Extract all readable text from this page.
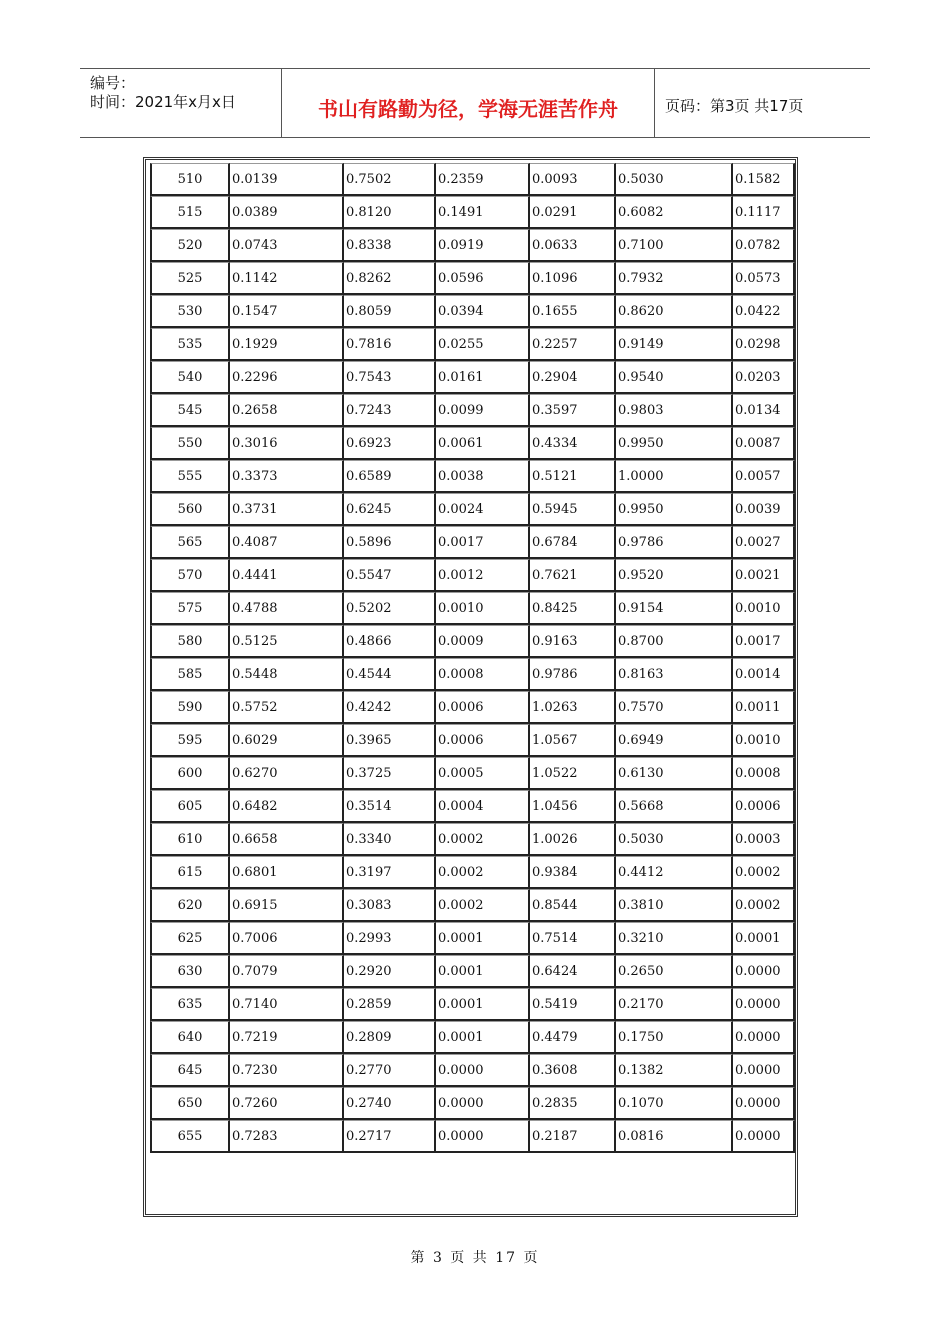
编号：
时间：2021年x月x日	书山有路勤为径，学海无涯苦作舟	页码：第3页 共17页
510	0.0139	0.7502	0.2359	0.0093	0.5030	0.1582
515	0.0389	0.8120	0.1491	0.0291	0.6082	0.1117
520	0.0743	0.8338	0.0919	0.0633	0.7100	0.0782
525	0.1142	0.8262	0.0596	0.1096	0.7932	0.0573
530	0.1547	0.8059	0.0394	0.1655	0.8620	0.0422
535	0.1929	0.7816	0.0255	0.2257	0.9149	0.0298
540	0.2296	0.7543	0.0161	0.2904	0.9540	0.0203
545	0.2658	0.7243	0.0099	0.3597	0.9803	0.0134
550	0.3016	0.6923	0.0061	0.4334	0.9950	0.0087
555	0.3373	0.6589	0.0038	0.5121	1.0000	0.0057
560	0.3731	0.6245	0.0024	0.5945	0.9950	0.0039
565	0.4087	0.5896	0.0017	0.6784	0.9786	0.0027
570	0.4441	0.5547	0.0012	0.7621	0.9520	0.0021
575	0.4788	0.5202	0.0010	0.8425	0.9154	0.0010
580	0.5125	0.4866	0.0009	0.9163	0.8700	0.0017
585	0.5448	0.4544	0.0008	0.9786	0.8163	0.0014
590	0.5752	0.4242	0.0006	1.0263	0.7570	0.0011
595	0.6029	0.3965	0.0006	1.0567	0.6949	0.0010
600	0.6270	0.3725	0.0005	1.0522	0.6130	0.0008
605	0.6482	0.3514	0.0004	1.0456	0.5668	0.0006
610	0.6658	0.3340	0.0002	1.0026	0.5030	0.0003
615	0.6801	0.3197	0.0002	0.9384	0.4412	0.0002
620	0.6915	0.3083	0.0002	0.8544	0.3810	0.0002
625	0.7006	0.2993	0.0001	0.7514	0.3210	0.0001
630	0.7079	0.2920	0.0001	0.6424	0.2650	0.0000
635	0.7140	0.2859	0.0001	0.5419	0.2170	0.0000
640	0.7219	0.2809	0.0001	0.4479	0.1750	0.0000
645	0.7230	0.2770	0.0000	0.3608	0.1382	0.0000
650	0.7260	0.2740	0.0000	0.2835	0.1070	0.0000
655	0.7283	0.2717	0.0000	0.2187	0.0816	0.0000
第 3 页 共 17 页
